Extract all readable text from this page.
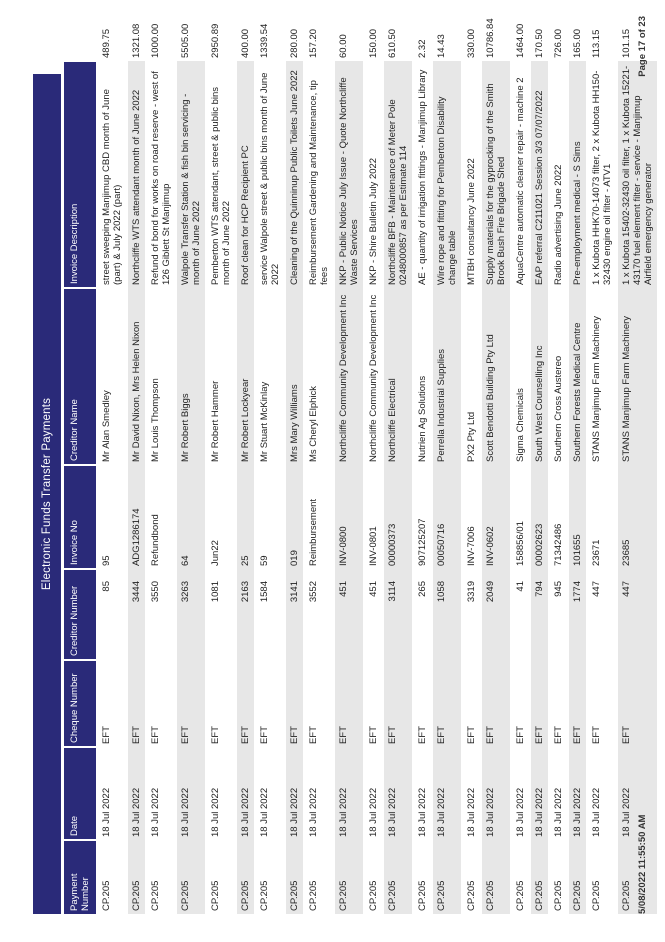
Electronic Funds Transfer Payments
Payment Number	Date	Cheque Number	Creditor Number	Invoice No	Creditor Name	Invoice Description	Inclusive Amount
CP.205	18 Jul 2022	EFT	85	95	Mr Alan Smedley	street sweeping Manjimup CBD month of June (part) & July 2022 (part)	489.75
CP.205	18 Jul 2022	EFT	3444	ADG1286174	Mr David Nixon, Mrs Helen Nixon	Northcliffe WTS attendant month of June 2022	1321.08
CP.205	18 Jul 2022	EFT	3550	Refundbond	Mr Louis Thompson	Refund of bond for works on road reserve - west of 126 Giblett St Manjimup	1000.00
CP.205	18 Jul 2022	EFT	3263	64	Mr Robert Biggs	Walpole Transfer Station & fish bin servicing - month of June 2022	5505.00
CP.205	18 Jul 2022	EFT	1081	Jun22	Mr Robert Hammer	Pemberton WTS attendant, street & public bins month of June 2022	2950.89
CP.205	18 Jul 2022	EFT	2163	25	Mr Robert Lockyear	Roof clean for HCP Recipient PC	400.00
CP.205	18 Jul 2022	EFT	1584	59	Mr Stuart McKinlay	service Walpole street & public bins month of June 2022	1339.54
CP.205	18 Jul 2022	EFT	3141	019	Mrs Mary Williams	Cleaning of the Quinninup Public Toilets June 2022	280.00
CP.205	18 Jul 2022	EFT	3552	Reimbursement	Ms Cheryl Elphick	Reimbursement Gardening and Maintenance, tip fees	157.20
CP.205	18 Jul 2022	EFT	451	INV-0800	Northcliffe Community Development Inc	NKP - Public Notice July Issue - Quote Northcliffe Waste Services	60.00
CP.205	18 Jul 2022	EFT	451	INV-0801	Northcliffe Community Development Inc	NKP - Shire Bulletin July 2022	150.00
CP.205	18 Jul 2022	EFT	3114	00000373	Northcliffe Electrical	Northcliffe BFB - Maintenance of Meter Pole 0248000857 as per Estimate 114	610.50
CP.205	18 Jul 2022	EFT	265	907125207	Nutrien Ag Solutions	AE - quantity of irrigation fittings - Manjimup Library	2.32
CP.205	18 Jul 2022	EFT	1058	00050716	Perrella Industrial Supplies	Wire rope and fitting for Pemberton Disability change table	14.43
CP.205	18 Jul 2022	EFT	3319	INV-7006	PX2 Pty Ltd	MTBH consultancy June 2022	330.00
CP.205	18 Jul 2022	EFT	2049	INV-0602	Scott Bendotti Building Pty Ltd	Supply materials for the gyprocking of the Smith Brook Bush Fire Brigade Shed	10786.84
CP.205	18 Jul 2022	EFT	41	158856/01	Sigma Chemicals	AquaCentre automatic cleaner repair - machine 2	1464.00
CP.205	18 Jul 2022	EFT	794	00002623	South West Counselling Inc	EAP referral C211021 Session 3/3 07/07/2022	170.50
CP.205	18 Jul 2022	EFT	945	71342486	Southern Cross Austereo	Radio advertising June 2022	726.00
CP.205	18 Jul 2022	EFT	1774	101655	Southern Forests Medical Centre	Pre-employment medical - S Sims	165.00
CP.205	18 Jul 2022	EFT	447	23671	STANS Manjimup Farm Machinery	1 x Kubota HHK70-14073 filter, 2 x Kubota HH150-32430 engine oil filter - ATV1	113.15
CP.205	18 Jul 2022	EFT	447	23685	STANS Manjimup Farm Machinery	1 x Kubota 15402-32430 oil filter, 1 x Kubota 15221-43170 fuel element filter - service - Manjimup Airfield emergency generator	101.15
5/08/2022 11:55:50 AM
Page 17 of 23
